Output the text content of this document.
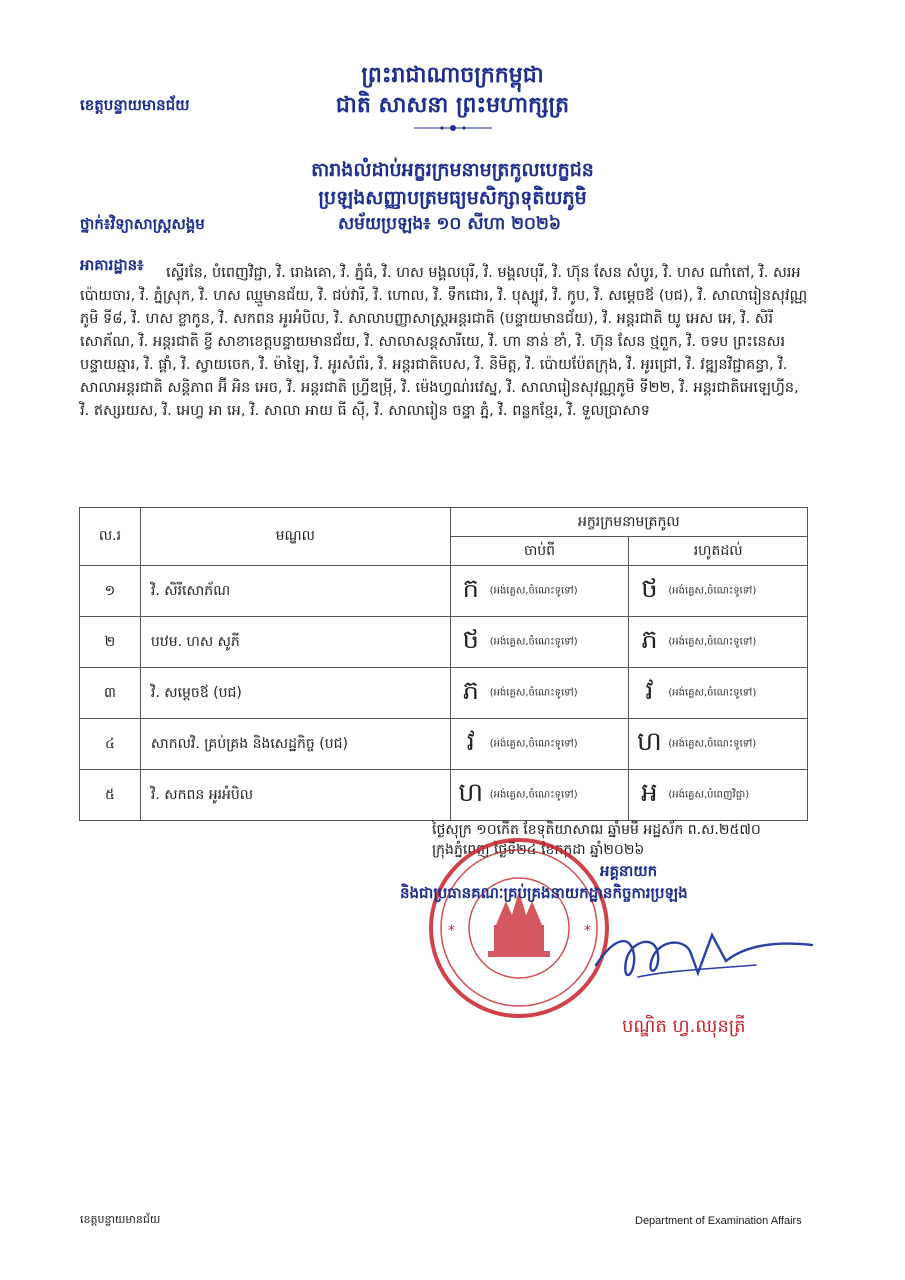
ព្រះរាជាណាចក្រកម្ពុជា
ជាតិ សាសនា ព្រះមហាក្សត្រ
ខេត្តបន្ទាយមានជ័យ
តារាងលំដាប់អក្ខរក្រមនាមត្រកូលបេក្ខជន
ប្រឡងសញ្ញាបត្រមធ្យមសិក្សាទុតិយភូមិ
ថ្នាក់៖វិទ្យាសាស្ត្រសង្គម	សម័យប្រឡង៖ ១០ សីហា ២០២៦
អាគារដ្ឋាន៖	ស្ទើរនែ, បំពេញវិជ្ជា, វិ. រោងគោ, វិ. ភ្នំធំ, វិ. ហស មង្គលបុរី, វិ. មង្គលបុរី, វិ. ហ៊ុន សែន សំបូរ, វិ. ហស ណាំតៅ, វិ. សរអ ប៉ោយចារ, វិ. ភ្នំស្រុក, វិ. ហស ឈ្មួមានជ័យ, វិ. ជប់វារី, វិ. ហោល, វិ. ទឹកជោរ, វិ. បុស្បូវ, វិ. កូប, វិ. សម្តេចឪ (បជ), វិ. សាលារៀនសុវណ្ណភូមិ ទី៨, វិ. ហស ខ្លាកូន, វិ. សកពន អូរអំបិល, វិ. សាលាបញ្ញាសាស្ត្រអន្តរជាតិ (បន្ទាយមានជ័យ), វិ. អន្តរជាតិ យូ អេស អេ, វិ. សិរីសោភ័ណ, វិ. អន្តរជាតិ ខ្វី សាខាខេត្តបន្ទាយមានជ័យ, វិ. សាលាសន្តសារីយេ, វិ. ហា នាន់ ខាំ, វិ. ហ៊ុន សែន ថ្មពួក, វិ. ចទប ព្រះនេសរ បន្ទាយឆ្មារ, វិ. ផ្គាំ, វិ. ស្វាយចេក, វិ. ម៉ាឡៃ, វិ. អូរសំព័រ, វិ. អន្តរជាតិបេស, វិ. និមិត្ត, វិ. ប៉ោយប៉ែតក្រុង, វិ. អូរជ្រៅ, វិ. វឌ្ឍនវិជ្ជាគន្ធា, វិ. សាលាអន្តរជាតិ សន្តិភាព អ៊ី អិន អេច, វិ. អន្តរជាតិ ហ្វ្រីឌម្រ៉ី, វិ. ម៉េងហ្វណ់រវេស្ន, វិ. សាលារៀនសុវណ្ណភូមិ ទី២២, វិ. អន្តរជាតិអេឡេហ្វីន, វិ. ឥស្សរយស, វិ. អេហ្វ អា អេ, វិ. សាលា អាយ ធី ស៊ី, វិ. សាលារៀន ចន្ទា ភ្នំ, វិ. ពន្លកខ្មែរ, វិ. ទួលប្រាសាទ
ល.រ	មណ្ឌល	អក្ខរក្រមនាមត្រកូល	
		ចាប់ពី	រហូតដល់
១	វិ. សិរីសោភ័ណ	ក (អង់គ្លេស,ចំណេះទូទៅ)	ថ (អង់គ្លេស,ចំណេះទូទៅ)
២	បឋម. ហស សូភី	ថ (អង់គ្លេស,ចំណេះទូទៅ)	ភ (អង់គ្លេស,ចំណេះទូទៅ)
៣	វិ. សម្តេចឪ (បជ)	ភ (អង់គ្លេស,ចំណេះទូទៅ)	វ (អង់គ្លេស,ចំណេះទូទៅ)
៤	សាកលវិ. គ្រប់គ្រង និងសេដ្ឋកិច្ច (បជ)	វ (អង់គ្លេស,ចំណេះទូទៅ)	ហ (អង់គ្លេស,ចំណេះទូទៅ)
៥	វិ. សកពន អូរអំបិល	ហ (អង់គ្លេស,ចំណេះទូទៅ)	អ (អង់គ្លេស,បំពេញវិជ្ជា)
ថ្ងៃសុក្រ ១០កើត ខែទុតិយាសាឍ ឆ្នាំមមី អដ្ឋស័ក ព.ស.២៥៧០
ក្រុងភ្នំពេញ ថ្ងៃទី២៤ ខែកក្កដា ឆ្នាំ២០២៦
*	*
អគ្គនាយក
និងជាប្រធានគណៈគ្រប់គ្រងនាយកដ្ឋានកិច្ចការប្រឡង
បណ្ឌិត ហ្វ.ឈុនត្រី
ខេត្តបន្ទាយមានជ័យ	Department of Examination Affairs
